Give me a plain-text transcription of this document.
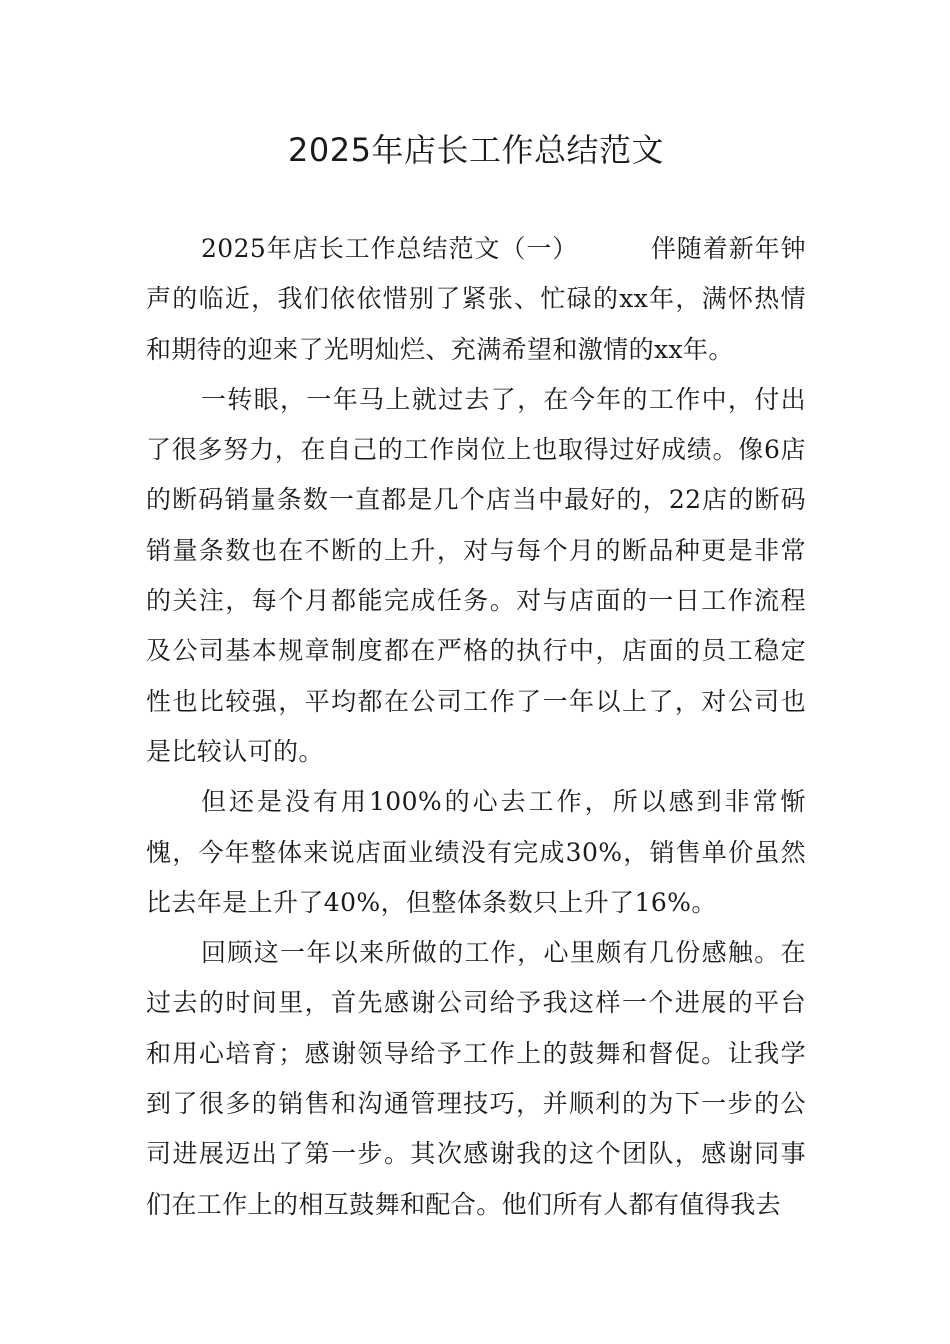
2025年店长工作总结范文

2025年店长工作总结范文（一）	伴随着新年钟声的临近，我们依依惜别了紧张、忙碌的xx年，满怀热情和期待的迎来了光明灿烂、充满希望和激情的xx年。

一转眼，一年马上就过去了，在今年的工作中，付出了很多努力，在自己的工作岗位上也取得过好成绩。像6店的断码销量条数一直都是几个店当中最好的，22店的断码销量条数也在不断的上升，对与每个月的断品种更是非常的关注，每个月都能完成任务。对与店面的一日工作流程及公司基本规章制度都在严格的执行中，店面的员工稳定性也比较强，平均都在公司工作了一年以上了，对公司也是比较认可的。

但还是没有用100%的心去工作，所以感到非常惭愧，今年整体来说店面业绩没有完成30%，销售单价虽然比去年是上升了40%，但整体条数只上升了16%。

回顾这一年以来所做的工作，心里颇有几份感触。在过去的时间里，首先感谢公司给予我这样一个进展的平台和用心培育；感谢领导给予工作上的鼓舞和督促。让我学到了很多的销售和沟通管理技巧，并顺利的为下一步的公司进展迈出了第一步。其次感谢我的这个团队，感谢同事们在工作上的相互鼓舞和配合。他们所有人都有值得我去
